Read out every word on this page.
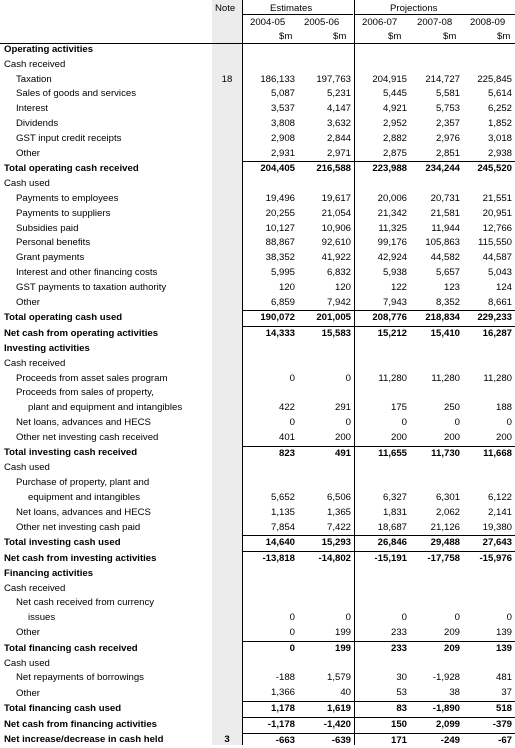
Note	Estimates	Projections
2004-05 2005-06 2006-07 2007-08 2008-09
$m	$m	$m	$m	$m
Operating activities						
Cash received						
Taxation	18	186,133	197,763	204,915	214,727	225,845
Sales of goods and services		5,087	5,231	5,445	5,581	5,614
Interest		3,537	4,147	4,921	5,753	6,252
Dividends		3,808	3,632	2,952	2,357	1,852
GST input credit receipts		2,908	2,844	2,882	2,976	3,018
Other		2,931	2,971	2,875	2,851	2,938
Total operating cash received		204,405	216,588	223,988	234,244	245,520
Cash used						
Payments to employees		19,496	19,617	20,006	20,731	21,551
Payments to suppliers		20,255	21,054	21,342	21,581	20,951
Subsidies paid		10,127	10,906	11,325	11,944	12,766
Personal benefits		88,867	92,610	99,176	105,863	115,550
Grant payments		38,352	41,922	42,924	44,582	44,587
Interest and other financing costs		5,995	6,832	5,938	5,657	5,043
GST payments to taxation authority		120	120	122	123	124
Other		6,859	7,942	7,943	8,352	8,661
Total operating cash used		190,072	201,005	208,776	218,834	229,233
Net cash from operating activities		14,333	15,583	15,212	15,410	16,287
Investing activities						
Cash received						
Proceeds from asset sales program		0	0	11,280	11,280	11,280
Proceeds from sales of property,						
plant and equipment and intangibles		422	291	175	250	188
Net loans, advances and HECS		0	0	0	0	0
Other net investing cash received		401	200	200	200	200
Total investing cash received		823	491	11,655	11,730	11,668
Cash used						
Purchase of property, plant and						
equipment and intangibles		5,652	6,506	6,327	6,301	6,122
Net loans, advances and HECS		1,135	1,365	1,831	2,062	2,141
Other net investing cash paid		7,854	7,422	18,687	21,126	19,380
Total investing cash used		14,640	15,293	26,846	29,488	27,643
Net cash from investing activities		-13,818	-14,802	-15,191	-17,758	-15,976
Financing activities						
Cash received						
Net cash received from currency						
issues		0	0	0	0	0
Other		0	199	233	209	139
Total financing cash received		0	199	233	209	139
Cash used						
Net repayments of borrowings		-188	1,579	30	-1,928	481
Other		1,366	40	53	38	37
Total financing cash used		1,178	1,619	83	-1,890	518
Net cash from financing activities		-1,178	-1,420	150	2,099	-379
Net increase/decrease in cash held	3	-663	-639	171	-249	-67
